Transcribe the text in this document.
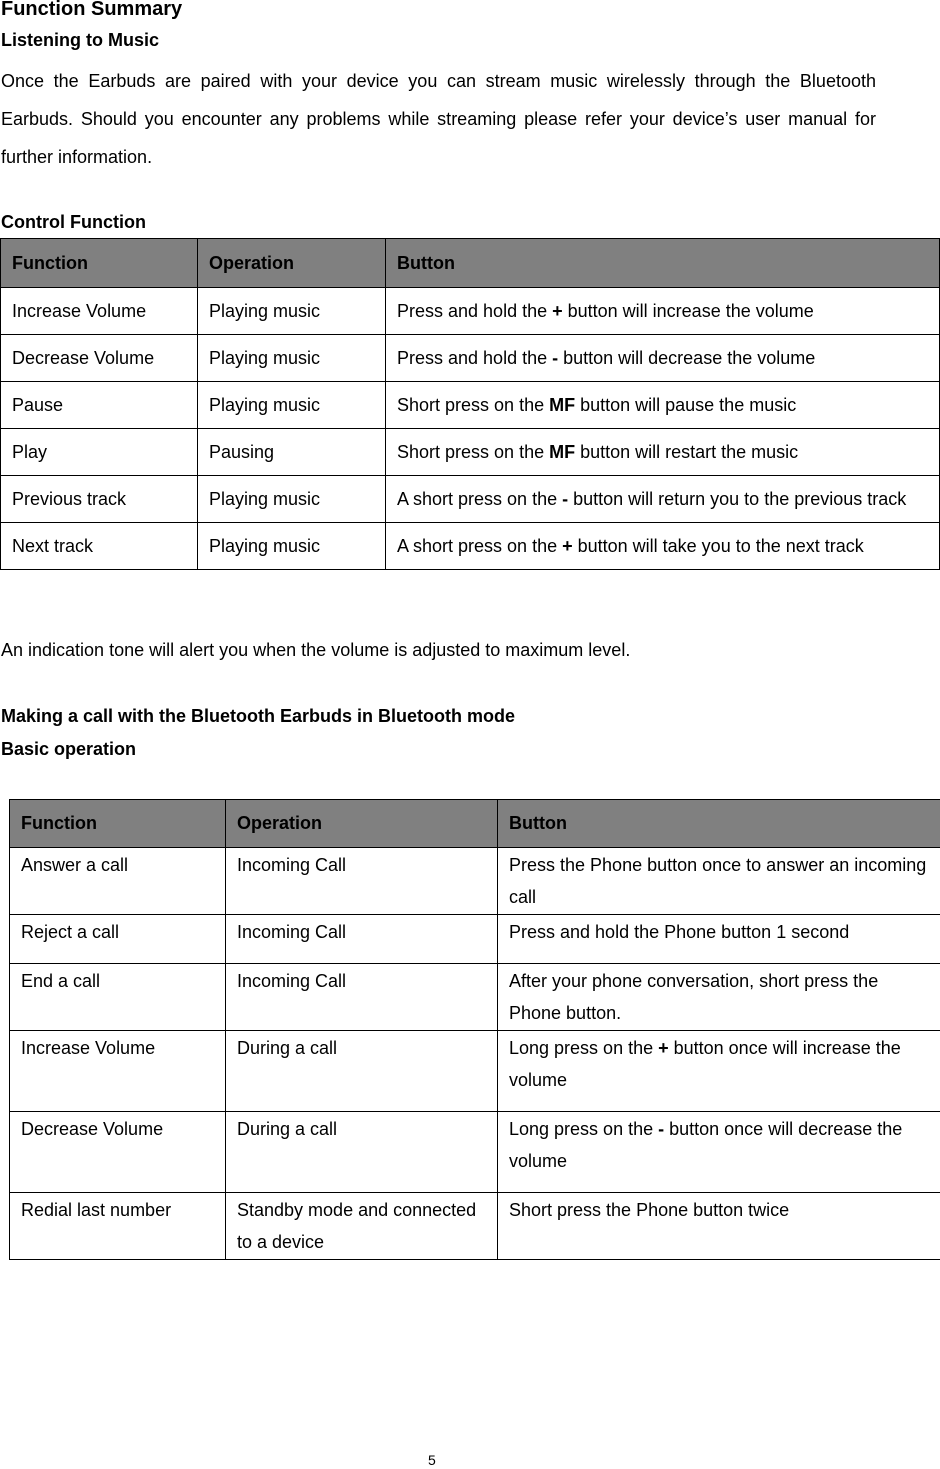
Function Summary
Listening to Music

Once the Earbuds are paired with your device you can stream music wirelessly through the Bluetooth Earbuds. Should you encounter any problems while streaming please refer your device’s user manual for further information.

Control Function
Function	Operation	Button
Increase Volume	Playing music	Press and hold the + button will increase the volume
Decrease Volume	Playing music	Press and hold the - button will decrease the volume
Pause	Playing music	Short press on the MF button will pause the music
Play	Pausing	Short press on the MF button will restart the music
Previous track	Playing music	A short press on the - button will return you to the previous track
Next track	Playing music	A short press on the + button will take you to the next track

An indication tone will alert you when the volume is adjusted to maximum level.

Making a call with the Bluetooth Earbuds in Bluetooth mode
Basic operation
Function	Operation	Button
Answer a call	Incoming Call	Press the Phone button once to answer an incoming call
Reject a call	Incoming Call	Press and hold the Phone button 1 second
End a call	Incoming Call	After your phone conversation, short press the Phone button.
Increase Volume	During a call	Long press on the + button once will increase the volume
Decrease Volume	During a call	Long press on the - button once will decrease the volume
Redial last number	Standby mode and connected to a device	Short press the Phone button twice

5
